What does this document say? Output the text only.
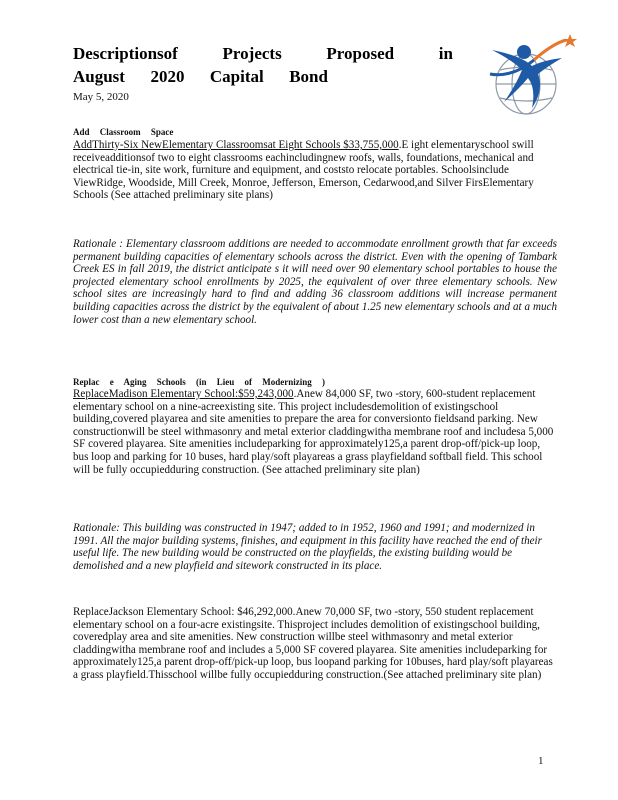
Descriptionsof	Projects	Proposed	in
August 2020 Capital Bond
May 5, 2020
Add Classroom Space

AddThirty-Six NewElementary Classroomsat Eight Schools $33,755,000.E ight elementaryschool swill receiveadditionsof two to eight classrooms eachincludingnew roofs, walls, foundations, mechanical and electrical tie-in, site work, furniture and equipment, and coststo relocate portables. Schoolsinclude ViewRidge, Woodside, Mill Creek, Monroe, Jefferson, Emerson, Cedarwood,and Silver FirsElementary Schools (See attached preliminary site plans)

Rationale : Elementary classroom additions are needed to accommodate enrollment growth that far exceeds permanent building capacities of elementary schools across the district. Even with the opening of Tambark Creek ES in fall 2019, the district anticipate s it will need over 90 elementary school portables to house the projected elementary school enrollments by 2025, the equivalent of over three elementary schools. New school sites are increasingly hard to find and adding 36 classroom additions will increase permanent building capacities across the district by the equivalent of about 1.25 new elementary schools and at a much lower cost than a new elementary school.

Replac e Aging Schools (in Lieu of Modernizing )

ReplaceMadison Elementary School:$59,243,000.Anew 84,000 SF, two -story, 600-student replacement elementary school on a nine-acreexisting site. This project includesdemolition of existingschool building,covered playarea and site amenities to prepare the area for conversionto fieldsand parking. New constructionwill be steel withmasonry and metal exterior claddingwitha membrane roof and includesa 5,000 SF covered playarea. Site amenities includeparking for approximately125,a parent drop-off/pick-up loop, bus loop and parking for 10 buses, hard play/soft playareas a grass playfieldand softball field. This school will be fully occupiedduring construction. (See attached preliminary site plan)

Rationale: This building was constructed in 1947; added to in 1952, 1960 and 1991; and modernized in 1991. All the major building systems, finishes, and equipment in this facility have reached the end of their useful life. The new building would be constructed on the playfields, the existing building would be demolished and a new playfield and sitework constructed in its place.

ReplaceJackson Elementary School: $46,292,000.Anew 70,000 SF, two -story, 550 student replacement elementary school on a four-acre existingsite. Thisproject includes demolition of existingschool building, coveredplay area and site amenities. New construction willbe steel withmasonry and metal exterior claddingwitha membrane roof and includes a 5,000 SF covered playarea. Site amenities includeparking for approximately125,a parent drop-off/pick-up loop, bus loopand parking for 10buses, hard play/soft playareas a grass playfield.Thisschool willbe fully occupiedduring construction.(See attached preliminary site plan)

1
